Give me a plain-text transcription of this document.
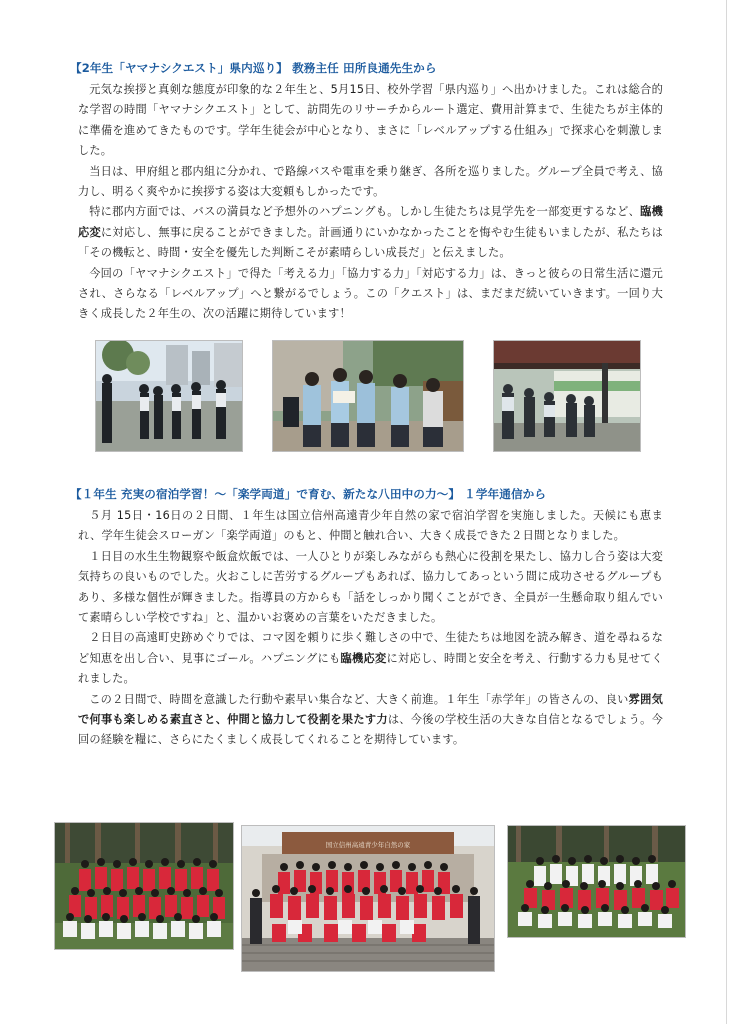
【2年生「ヤマナシクエスト」県内巡り】 教務主任 田所良通先生から

元気な挨拶と真剣な態度が印象的な２年生と、5月15日、校外学習「県内巡り」へ出かけました。これは総合的な学習の時間「ヤマナシクエスト」として、訪問先のリサーチからルート選定、費用計算まで、生徒たちが主体的に準備を進めてきたものです。学年生徒会が中心となり、まさに「レベルアップする仕組み」で探求心を刺激しました。

当日は、甲府組と郡内組に分かれ、で路線バスや電車を乗り継ぎ、各所を巡りました。グループ全員で考え、協力し、明るく爽やかに挨拶する姿は大変頼もしかったです。

特に郡内方面では、バスの満員など予想外のハプニングも。しかし生徒たちは見学先を一部変更するなど、臨機応変に対応し、無事に戻ることができました。計画通りにいかなかったことを悔やむ生徒もいましたが、私たちは「その機転と、時間・安全を優先した判断こそが素晴らしい成長だ」と伝えました。

今回の「ヤマナシクエスト」で得た「考える力」「協力する力」「対応する力」は、きっと彼らの日常生活に還元され、さらなる「レベルアップ」へと繋がるでしょう。この「クエスト」は、まだまだ続いていきます。一回り大きく成長した２年生の、次の活躍に期待しています！

【１年生 充実の宿泊学習！～「楽学両道」で育む、新たな八田中の力～】 １学年通信から

５月 15日・16日の２日間、１年生は国立信州高遠青少年自然の家で宿泊学習を実施しました。天候にも恵まれ、学年生徒会スローガン「楽学両道」のもと、仲間と触れ合い、大きく成長できた２日間となりました。

１日目の水生生物観察や飯盒炊飯では、一人ひとりが楽しみながらも熱心に役割を果たし、協力し合う姿は大変気持ちの良いものでした。火おこしに苦労するグループもあれば、協力してあっという間に成功させるグループもあり、多様な個性が輝きました。指導員の方からも「話をしっかり聞くことができ、全員が一生懸命取り組んでいて素晴らしい学校ですね」と、温かいお褒めの言葉をいただきました。

２日目の高遠町史跡めぐりでは、コマ図を頼りに歩く難しさの中で、生徒たちは地図を読み解き、道を尋ねるなど知恵を出し合い、見事にゴール。ハプニングにも臨機応変に対応し、時間と安全を考え、行動する力も見せてくれました。

この２日間で、時間を意識した行動や素早い集合など、大きく前進。１年生「赤学年」の皆さんの、良い雰囲気で何事も楽しめる素直さと、仲間と協力して役割を果たす力は、今後の学校生活の大きな自信となるでしょう。今回の経験を糧に、さらにたくましく成長してくれることを期待しています。

国立信州高遠青少年自然の家
